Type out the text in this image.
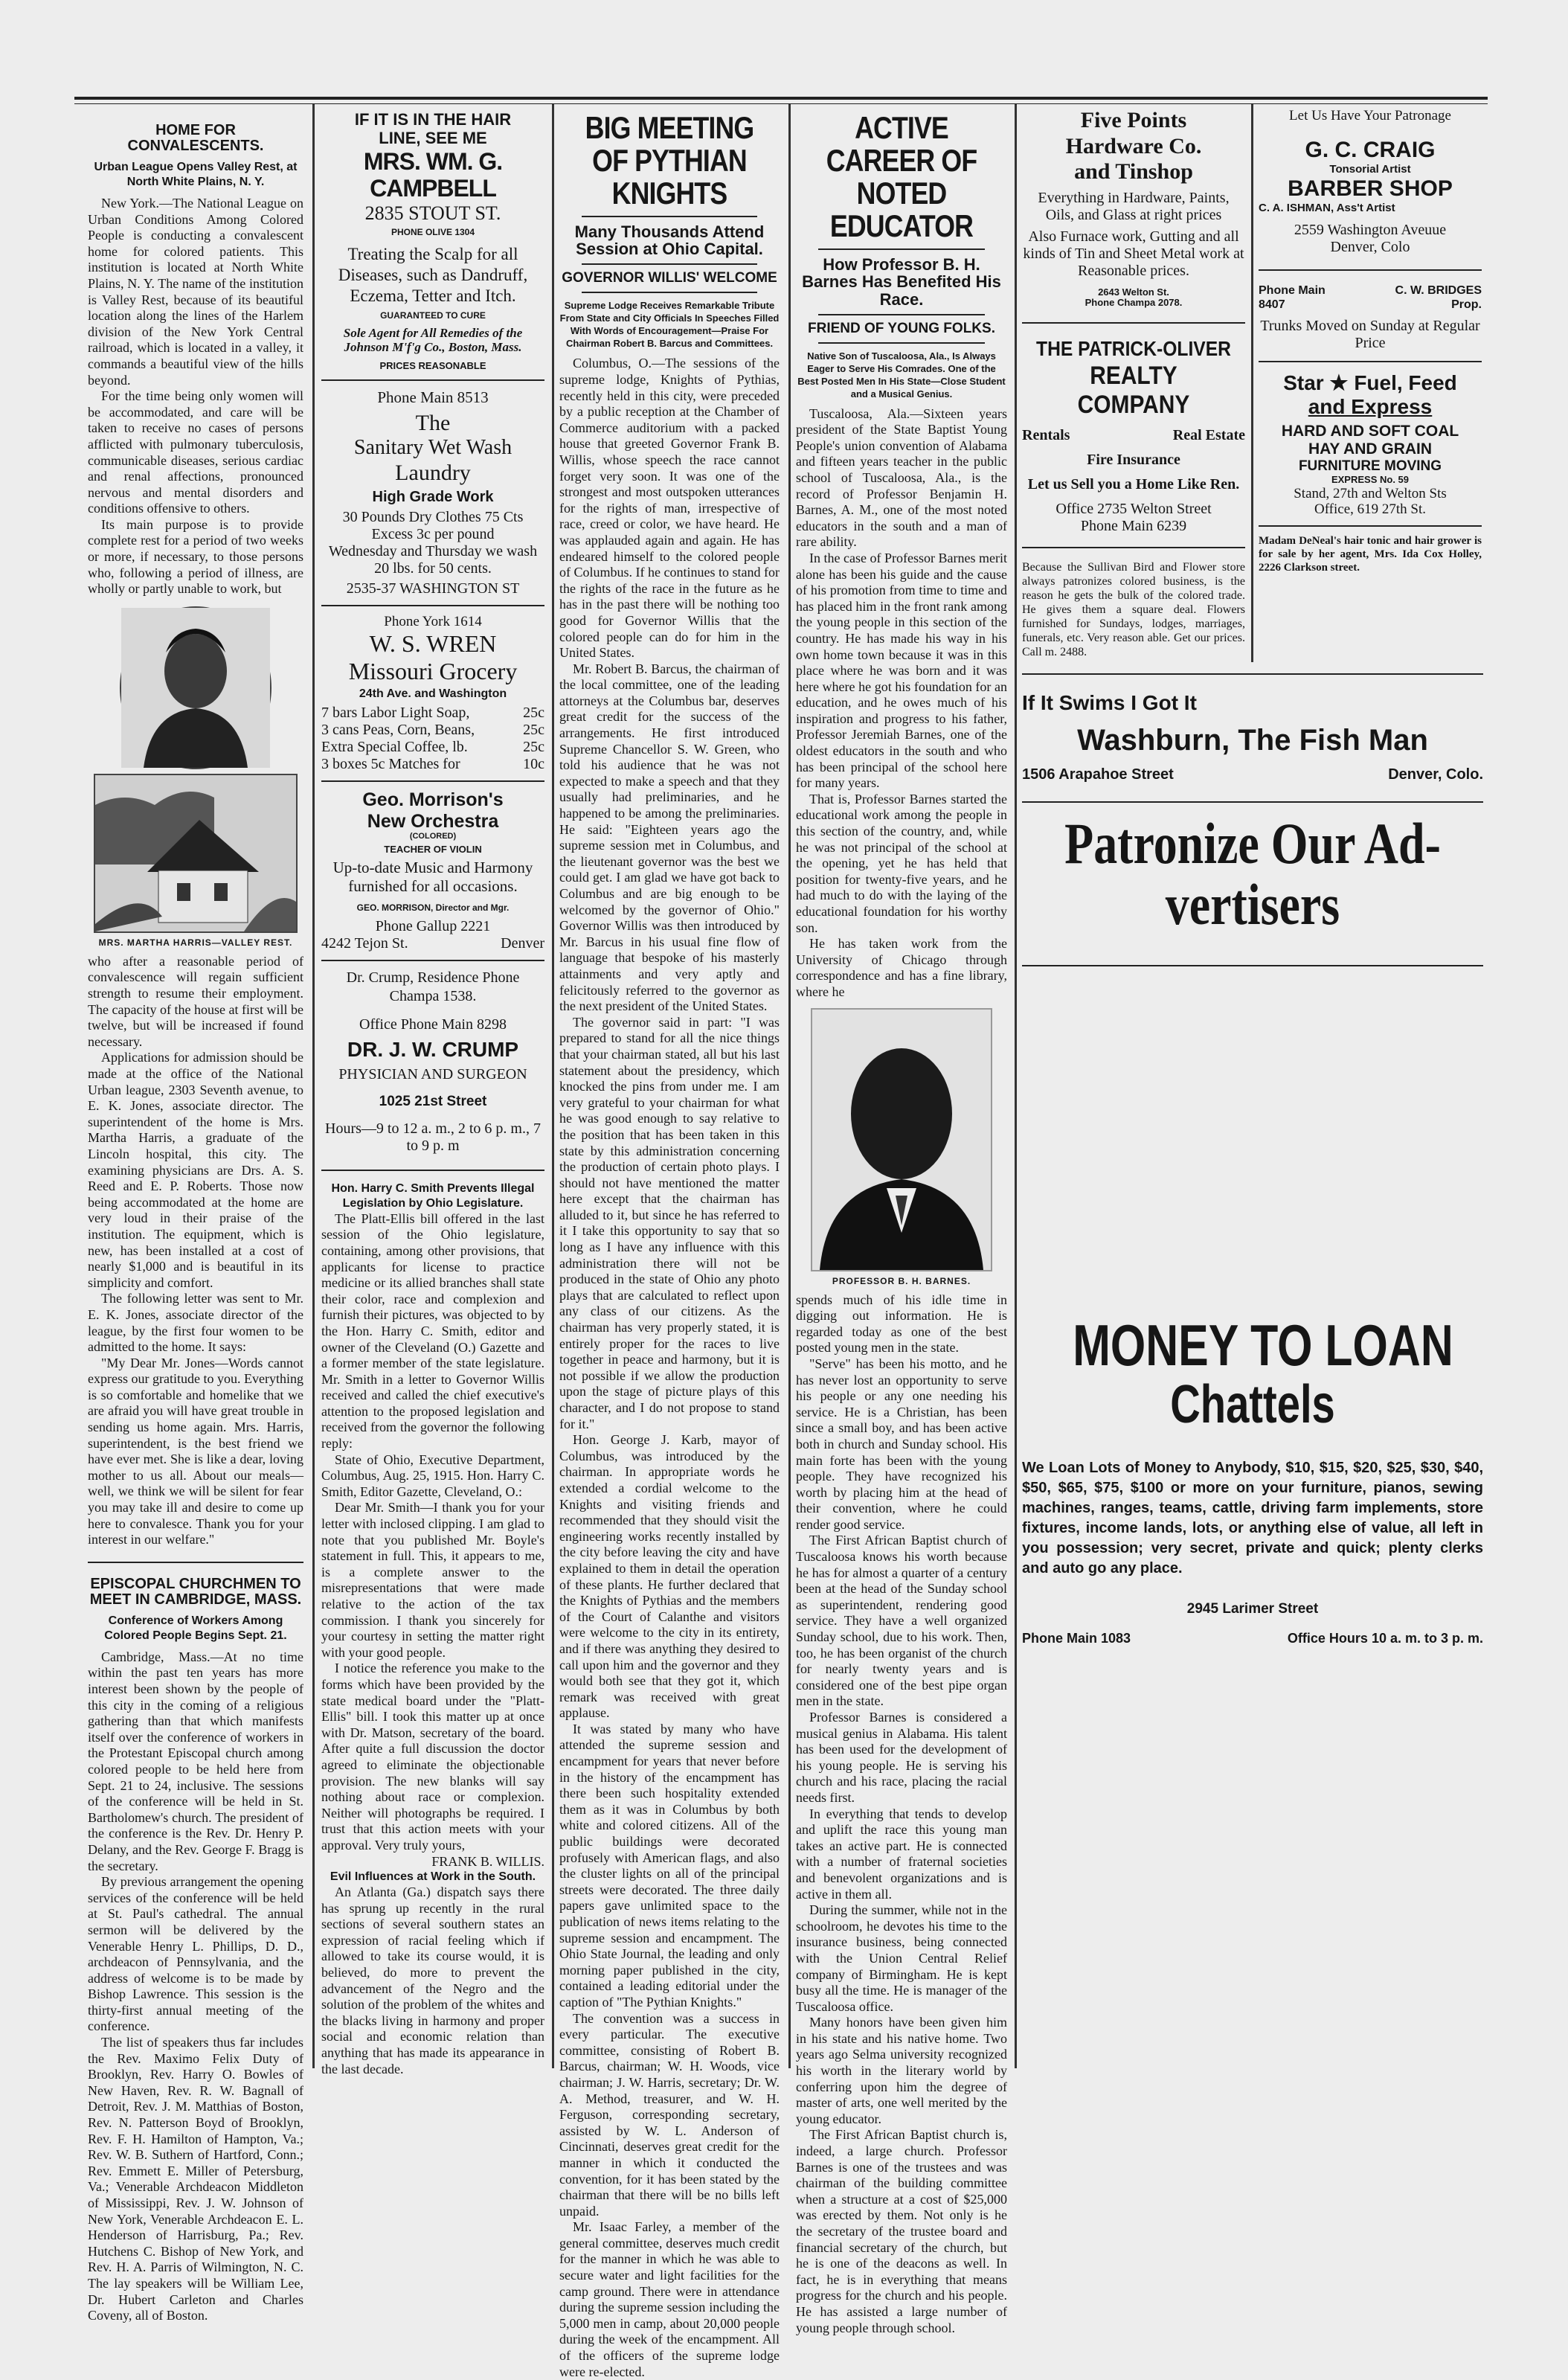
HOME FOR CONVALESCENTS.
Urban League Opens Valley Rest, at North White Plains, N. Y.

New York.—The National League on Urban Conditions Among Colored People is conducting a convalescent home for colored patients. This institution is located at North White Plains, N. Y. The name of the institution is Valley Rest, because of its beautiful location along the lines of the Harlem division of the New York Central railroad, which is located in a valley, it commands a beautiful view of the hills beyond.

For the time being only women will be accommodated, and care will be taken to receive no cases of persons afflicted with pulmonary tuberculosis, communicable diseases, serious cardiac and renal affections, pronounced nervous and mental disorders and conditions offensive to others.

Its main purpose is to provide complete rest for a period of two weeks or more, if necessary, to those persons who, following a period of illness, are wholly or partly unable to work, but

MRS. MARTHA HARRIS—VALLEY REST.

who after a reasonable period of convalescence will regain sufficient strength to resume their employment. The capacity of the house at first will be twelve, but will be increased if found necessary.

Applications for admission should be made at the office of the National Urban league, 2303 Seventh avenue, to E. K. Jones, associate director. The superintendent of the home is Mrs. Martha Harris, a graduate of the Lincoln hospital, this city. The examining physicians are Drs. A. S. Reed and E. P. Roberts. Those now being accommodated at the home are very loud in their praise of the institution. The equipment, which is new, has been installed at a cost of nearly $1,000 and is beautiful in its simplicity and comfort.

The following letter was sent to Mr. E. K. Jones, associate director of the league, by the first four women to be admitted to the home. It says:

"My Dear Mr. Jones—Words cannot express our gratitude to you. Everything is so comfortable and homelike that we are afraid you will have great trouble in sending us home again. Mrs. Harris, superintendent, is the best friend we have ever met. She is like a dear, loving mother to us all. About our meals—well, we think we will be silent for fear you may take ill and desire to come up here to convalesce. Thank you for your interest in our welfare."

EPISCOPAL CHURCHMEN TO MEET IN CAMBRIDGE, MASS.
Conference of Workers Among Colored People Begins Sept. 21.

Cambridge, Mass.—At no time within the past ten years has more interest been shown by the people of this city in the coming of a religious gathering than that which manifests itself over the conference of workers in the Protestant Episcopal church among colored people to be held here from Sept. 21 to 24, inclusive. The sessions of the conference will be held in St. Bartholomew's church. The president of the conference is the Rev. Dr. Henry P. Delany, and the Rev. George F. Bragg is the secretary.

By previous arrangement the opening services of the conference will be held at St. Paul's cathedral. The annual sermon will be delivered by the Venerable Henry L. Phillips, D. D., archdeacon of Pennsylvania, and the address of welcome is to be made by Bishop Lawrence. This session is the thirty-first annual meeting of the conference.

The list of speakers thus far includes the Rev. Maximo Felix Duty of Brooklyn, Rev. Harry O. Bowles of New Haven, Rev. R. W. Bagnall of Detroit, Rev. J. M. Matthias of Boston, Rev. N. Patterson Boyd of Brooklyn, Rev. F. H. Hamilton of Hampton, Va.; Rev. W. B. Suthern of Hartford, Conn.; Rev. Emmett E. Miller of Petersburg, Va.; Venerable Archdeacon Middleton of Mississippi, Rev. J. W. Johnson of New York, Venerable Archdeacon E. L. Henderson of Harrisburg, Pa.; Rev. Hutchens C. Bishop of New York, and Rev. H. A. Parris of Wilmington, N. C. The lay speakers will be William Lee, Dr. Hubert Carleton and Charles Coveny, all of Boston.

IF IT IS IN THE HAIR
LINE, SEE ME
MRS. WM. G. CAMPBELL
2835 STOUT ST.
PHONE OLIVE 1304
Treating the Scalp for all Diseases, such as Dandruff, Eczema, Tetter and Itch.
GUARANTEED TO CURE
Sole Agent for All Remedies of the Johnson M'f'g Co., Boston, Mass.
PRICES REASONABLE
Phone Main 8513
The
Sanitary Wet Wash
Laundry
High Grade Work
30 Pounds Dry Clothes 75 Cts
Excess 3c per pound
Wednesday and Thursday we wash 20 lbs. for 50 cents.
2535-37 WASHINGTON ST
Phone York 1614
W. S. WREN
Missouri Grocery
24th Ave. and Washington
7 bars Labor Light Soap,	25c
3 cans Peas, Corn, Beans,	25c
Extra Special Coffee, lb.	25c
3 boxes 5c Matches for	10c
Geo. Morrison's
New Orchestra
(COLORED)
TEACHER OF VIOLIN
Up-to-date Music and Harmony furnished for all occasions.
GEO. MORRISON, Director and Mgr.
Phone Gallup 2221
4242 Tejon St.	Denver
Dr. Crump, Residence Phone Champa 1538.
Office Phone Main 8298
DR. J. W. CRUMP
PHYSICIAN AND SURGEON
1025 21st Street
Hours—9 to 12 a. m., 2 to 6 p. m., 7 to 9 p. m

Hon. Harry C. Smith Prevents Illegal Legislation by Ohio Legislature.

The Platt-Ellis bill offered in the last session of the Ohio legislature, containing, among other provisions, that applicants for license to practice medicine or its allied branches shall state their color, race and complexion and furnish their pictures, was objected to by the Hon. Harry C. Smith, editor and owner of the Cleveland (O.) Gazette and a former member of the state legislature. Mr. Smith in a letter to Governor Willis received and called the chief executive's attention to the proposed legislation and received from the governor the following reply:

State of Ohio, Executive Department, Columbus, Aug. 25, 1915. Hon. Harry C. Smith, Editor Gazette, Cleveland, O.:

Dear Mr. Smith—I thank you for your letter with inclosed clipping. I am glad to note that you published Mr. Boyle's statement in full. This, it appears to me, is a complete answer to the misrepresentations that were made relative to the action of the tax commission. I thank you sincerely for your courtesy in setting the matter right with your good people.

I notice the reference you make to the forms which have been provided by the state medical board under the "Platt-Ellis" bill. I took this matter up at once with Dr. Matson, secretary of the board. After quite a full discussion the doctor agreed to eliminate the objectionable provision. The new blanks will say nothing about race or complexion. Neither will photographs be required. I trust that this action meets with your approval. Very truly yours,

FRANK B. WILLIS.

Evil Influences at Work in the South.

An Atlanta (Ga.) dispatch says there has sprung up recently in the rural sections of several southern states an expression of racial feeling which if allowed to take its course would, it is believed, do more to prevent the advancement of the Negro and the solution of the problem of the whites and the blacks living in harmony and proper social and economic relation than anything that has made its appearance in the last decade.

BIG MEETING OF PYTHIAN KNIGHTS
Many Thousands Attend Session at Ohio Capital.
GOVERNOR WILLIS' WELCOME
Supreme Lodge Receives Remarkable Tribute From State and City Officials In Speeches Filled With Words of Encouragement—Praise For Chairman Robert B. Barcus and Committees.

Columbus, O.—The sessions of the supreme lodge, Knights of Pythias, recently held in this city, were preceded by a public reception at the Chamber of Commerce auditorium with a packed house that greeted Governor Frank B. Willis, whose speech the race cannot forget very soon. It was one of the strongest and most outspoken utterances for the rights of man, irrespective of race, creed or color, we have heard. He was applauded again and again. He has endeared himself to the colored people of Columbus. If he continues to stand for the rights of the race in the future as he has in the past there will be nothing too good for Governor Willis that the colored people can do for him in the United States.

Mr. Robert B. Barcus, the chairman of the local committee, one of the leading attorneys at the Columbus bar, deserves great credit for the success of the arrangements. He first introduced Supreme Chancellor S. W. Green, who told his audience that he was not expected to make a speech and that they usually had preliminaries, and he happened to be among the preliminaries. He said: "Eighteen years ago the supreme session met in Columbus, and the lieutenant governor was the best we could get. I am glad we have got back to Columbus and are big enough to be welcomed by the governor of Ohio." Governor Willis was then introduced by Mr. Barcus in his usual fine flow of language that bespoke of his masterly attainments and very aptly and felicitously referred to the governor as the next president of the United States.

The governor said in part: "I was prepared to stand for all the nice things that your chairman stated, all but his last statement about the presidency, which knocked the pins from under me. I am very grateful to your chairman for what he was good enough to say relative to the position that has been taken in this state by this administration concerning the production of certain photo plays. I should not have mentioned the matter here except that the chairman has alluded to it, but since he has referred to it I take this opportunity to say that so long as I have any influence with this administration there will not be produced in the state of Ohio any photo plays that are calculated to reflect upon any class of our citizens. As the chairman has very properly stated, it is entirely proper for the races to live together in peace and harmony, but it is not possible if we allow the production upon the stage of picture plays of this character, and I do not propose to stand for it."

Hon. George J. Karb, mayor of Columbus, was introduced by the chairman. In appropriate words he extended a cordial welcome to the Knights and visiting friends and recommended that they should visit the engineering works recently installed by the city before leaving the city and have explained to them in detail the operation of these plants. He further declared that the Knights of Pythias and the members of the Court of Calanthe and visitors were welcome to the city in its entirety, and if there was anything they desired to call upon him and the governor and they would both see that they got it, which remark was received with great applause.

It was stated by many who have attended the supreme session and encampment for years that never before in the history of the encampment has there been such hospitality extended them as it was in Columbus by both white and colored citizens. All of the public buildings were decorated profusely with American flags, and also the cluster lights on all of the principal streets were decorated. The three daily papers gave unlimited space to the publication of news items relating to the supreme session and encampment. The Ohio State Journal, the leading and only morning paper published in the city, contained a leading editorial under the caption of "The Pythian Knights."

The convention was a success in every particular. The executive committee, consisting of Robert B. Barcus, chairman; W. H. Woods, vice chairman; J. W. Harris, secretary; Dr. W. A. Method, treasurer, and W. H. Ferguson, corresponding secretary, assisted by W. L. Anderson of Cincinnati, deserves great credit for the manner in which it conducted the convention, for it has been stated by the chairman that there will be no bills left unpaid.

Mr. Isaac Farley, a member of the general committee, deserves much credit for the manner in which he was able to secure water and light facilities for the camp ground. There were in attendance during the supreme session including the 5,000 men in camp, about 20,000 people during the week of the encampment. All of the officers of the supreme lodge were re-elected.

ACTIVE CAREER OF NOTED EDUCATOR
How Professor B. H. Barnes Has Benefited His Race.
FRIEND OF YOUNG FOLKS.
Native Son of Tuscaloosa, Ala., Is Always Eager to Serve His Comrades. One of the Best Posted Men In His State—Close Student and a Musical Genius.

Tuscaloosa, Ala.—Sixteen years president of the State Baptist Young People's union convention of Alabama and fifteen years teacher in the public school of Tuscaloosa, Ala., is the record of Professor Benjamin H. Barnes, A. M., one of the most noted educators in the south and a man of rare ability.

In the case of Professor Barnes merit alone has been his guide and the cause of his promotion from time to time and has placed him in the front rank among the young people in this section of the country. He has made his way in his own home town because it was in this place where he was born and it was here where he got his foundation for an education, and he owes much of his inspiration and progress to his father, Professor Jeremiah Barnes, one of the oldest educators in the south and who has been principal of the school here for many years.

That is, Professor Barnes started the educational work among the people in this section of the country, and, while he was not principal of the school at the opening, yet he has held that position for twenty-five years, and he had much to do with the laying of the educational foundation for his worthy son.

He has taken work from the University of Chicago through correspondence and has a fine library, where he

PROFESSOR B. H. BARNES.

spends much of his idle time in digging out information. He is regarded today as one of the best posted young men in the state.

"Serve" has been his motto, and he has never lost an opportunity to serve his people or any one needing his service. He is a Christian, has been since a small boy, and has been active both in church and Sunday school. His main forte has been with the young people. They have recognized his worth by placing him at the head of their convention, where he could render good service.

The First African Baptist church of Tuscaloosa knows his worth because he has for almost a quarter of a century been at the head of the Sunday school as superintendent, rendering good service. They have a well organized Sunday school, due to his work. Then, too, he has been organist of the church for nearly twenty years and is considered one of the best pipe organ men in the state.

Professor Barnes is considered a musical genius in Alabama. His talent has been used for the development of his young people. He is serving his church and his race, placing the racial needs first.

In everything that tends to develop and uplift the race this young man takes an active part. He is connected with a number of fraternal societies and benevolent organizations and is active in them all.

During the summer, while not in the schoolroom, he devotes his time to the insurance business, being connected with the Union Central Relief company of Birmingham. He is kept busy all the time. He is manager of the Tuscaloosa office.

Many honors have been given him in his state and his native home. Two years ago Selma university recognized his worth in the literary world by conferring upon him the degree of master of arts, one well merited by the young educator.

The First African Baptist church is, indeed, a large church. Professor Barnes is one of the trustees and was chairman of the building committee when a structure at a cost of $25,000 was erected by them. Not only is he the secretary of the trustee board and financial secretary of the church, but he is one of the deacons as well. In fact, he is in everything that means progress for the church and his people. He has assisted a large number of young people through school.

Five Points
Hardware Co.
and Tinshop
Everything in Hardware, Paints, Oils, and Glass at right prices
Also Furnace work, Gutting and all kinds of Tin and Sheet Metal work at Reasonable prices.
2643 Welton St.
Phone Champa 2078.
THE PATRICK-OLIVER
REALTY COMPANY
Rentals	Real Estate
Fire Insurance
Let us Sell you a Home Like Ren.
Office 2735 Welton Street
Phone Main 6239
Because the Sullivan Bird and Flower store always patronizes colored business, is the reason he gets the bulk of the colored trade. He gives them a square deal. Flowers furnished for Sundays, lodges, marriages, funerals, etc. Very reason able. Get our prices. Call m. 2488.
Let Us Have Your Patronage
G. C. CRAIG
Tonsorial Artist
BARBER SHOP
C. A. ISHMAN, Ass't Artist
2559 Washington Aveuue
Denver, Colo
Phone Main	C. W. BRIDGES
8407	Prop.
Trunks Moved on Sunday at Regular Price
Star ★ Fuel, Feed
and Express
HARD AND SOFT COAL
HAY AND GRAIN
FURNITURE MOVING
EXPRESS No. 59
Stand, 27th and Welton Sts
Office, 619 27th St.
Madam DeNeal's hair tonic and hair grower is for sale by her agent, Mrs. Ida Cox Holley, 2226 Clarkson street.
If It Swims I Got It
Washburn, The Fish Man
1506 Arapahoe Street	Denver, Colo.
Patronize Our Ad-
vertisers
MONEY TO LOAN
Chattels
We Loan Lots of Money to Anybody, $10, $15, $20, $25, $30, $40, $50, $65, $75, $100 or more on your furniture, pianos, sewing machines, ranges, teams, cattle, driving farm implements, store fixtures, income lands, lots, or anything else of value, all left in you possession; very secret, private and quick; plenty clerks and auto go any place.
2945 Larimer Street
Phone Main 1083	Office Hours 10 a. m. to 3 p. m.
